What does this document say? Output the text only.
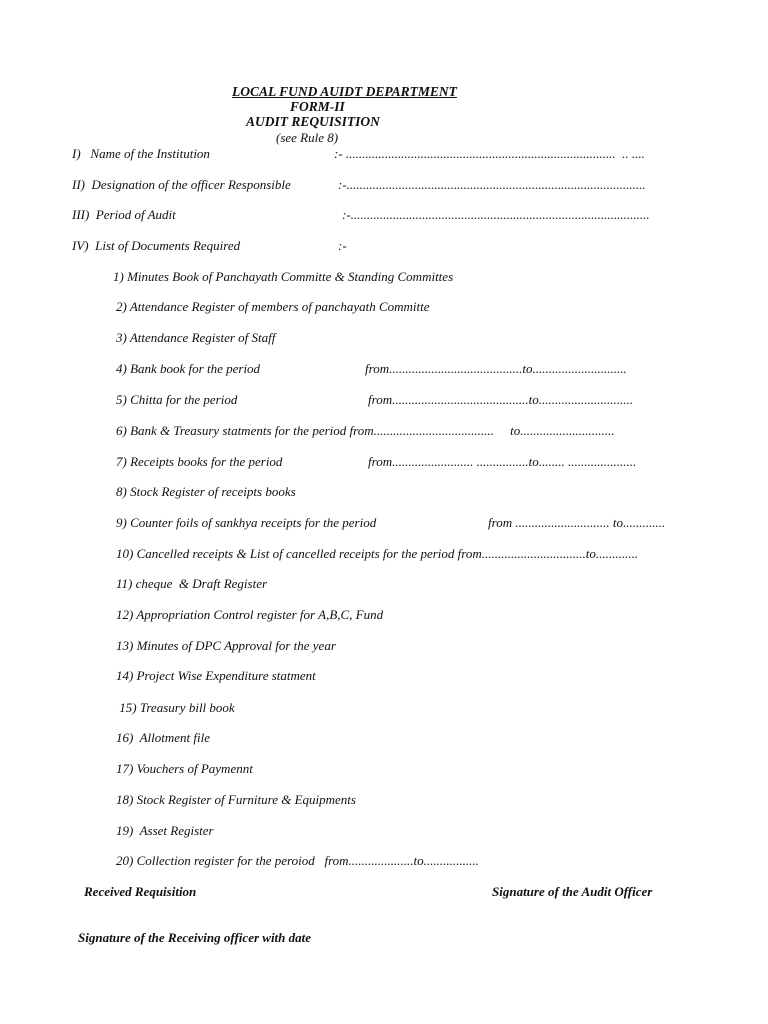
LOCAL FUND AUIDT DEPARTMENT
FORM-II
AUDIT REQUISITION
(see Rule 8)
I)   Name of the Institution	:- ...................................................................................  .. ....
II)  Designation of the officer Responsible	:-............................................................................................
III)  Period of Audit	:-............................................................................................
IV)  List of Documents Required	:-
1) Minutes Book of Panchayath Committe & Standing Committes
2) Attendance Register of members of panchayath Committe
3) Attendance Register of Staff
4) Bank book for the period	from.........................................to.............................
5) Chitta for the period	from..........................................to.............................
6) Bank & Treasury statments for the period from.....................................     to.............................
7) Receipts books for the period	from......................... ................to........ .....................
8) Stock Register of receipts books
9) Counter foils of sankhya receipts for the period	from ............................. to.............
10) Cancelled receipts & List of cancelled receipts for the period from................................to.............
11) cheque  & Draft Register
12) Appropriation Control register for A,B,C, Fund
13) Minutes of DPC Approval for the year
14) Project Wise Expenditure statment
15) Treasury bill book
16)  Allotment file
17) Vouchers of Paymennt
18) Stock Register of Furniture & Equipments
19)  Asset Register
20) Collection register for the peroiod   from....................to.................
Received Requisition	Signature of the Audit Officer
Signature of the Receiving officer with date
